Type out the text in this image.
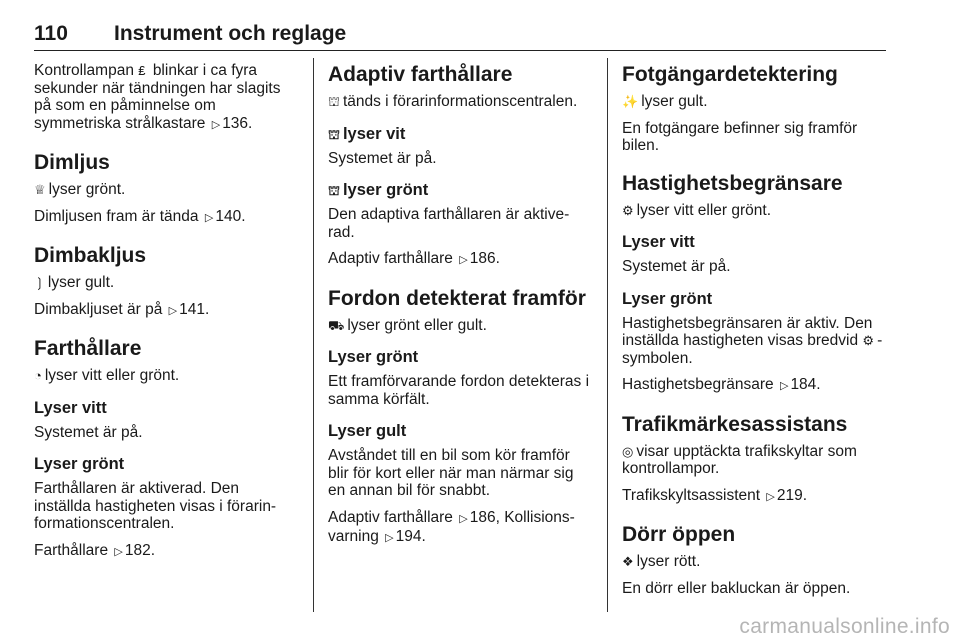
110 Instrument och reglage

Kontrollampan ₤ blinkar i ca fyra sekunder när tändningen har slagits på som en påminnelse om symmetriska strålkastare ▷ 136.

Dimljus

♕ lyser grönt.

Dimljusen fram är tända ▷ 140.

Dimbakljus

❳ lyser gult.

Dimbakljuset är på ▷ 141.

Farthållare

◔ lyser vitt eller grönt.

Lyser vitt

Systemet är på.

Lyser grönt

Farthållaren är aktiverad. Den inställda hastigheten visas i förarin-formationscentralen.

Farthållare ▷ 182.

Adaptiv farthållare

⛫ tänds i förarinformationscentralen.

⛫ lyser vit

Systemet är på.

⛫ lyser grönt

Den adaptiva farthållaren är aktive-rad.

Adaptiv farthållare ▷ 186.

Fordon detekterat framför

⛟ lyser grönt eller gult.

Lyser grönt

Ett framförvarande fordon detekteras i samma körfält.

Lyser gult

Avståndet till en bil som kör framför blir för kort eller när man närmar sig en annan bil för snabbt.

Adaptiv farthållare ▷ 186, Kollisions-varning ▷ 194.

Fotgängardetektering

✨ lyser gult.

En fotgängare befinner sig framför bilen.

Hastighetsbegränsare

⚙ lyser vitt eller grönt.

Lyser vitt

Systemet är på.

Lyser grönt

Hastighetsbegränsaren är aktiv. Den inställda hastigheten visas bredvid ⚙ -symbolen.

Hastighetsbegränsare ▷ 184.

Trafikmärkesassistans

◎ visar upptäckta trafikskyltar som kontrollampor.

Trafikskyltsassistent ▷ 219.

Dörr öppen

❖ lyser rött.

En dörr eller bakluckan är öppen.

carmanualsonline.info
